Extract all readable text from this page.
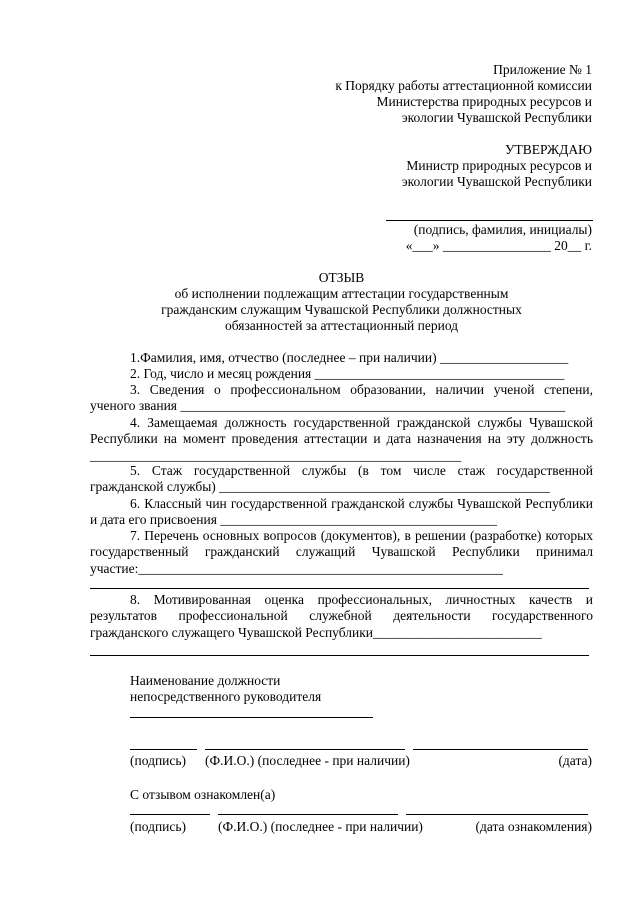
Приложение № 1
к Порядку работы аттестационной комиссии
Министерства природных ресурсов и
экологии Чувашской Республики
УТВЕРЖДАЮ
Министр природных ресурсов и
экологии Чувашской Республики
(подпись, фамилия, инициалы)
«___» ________________ 20__ г.
ОТЗЫВ
об исполнении подлежащим аттестации государственным
гражданским служащим Чувашской Республики должностных
обязанностей за аттестационный период
1.Фамилия, имя, отчество (последнее – при наличии) ___________________
2. Год, число и месяц рождения _____________________________________
3. Сведения о профессиональном образовании, наличии ученой степени, ученого звания _________________________________________________________
4. Замещаемая должность государственной гражданской службы Чувашской Республики на момент проведения аттестации и дата назначения на эту должность _______________________________________________________
5. Стаж государственной службы (в том числе стаж государственной гражданской службы) _________________________________________________
6. Классный чин государственной гражданской службы Чувашской Республики и дата его присвоения _________________________________________
7. Перечень основных вопросов (документов), в решении (разработке) которых государственный гражданский служащий Чувашской Республики принимал участие:______________________________________________________
8. Мотивированная оценка профессиональных, личностных качеств и результатов профессиональной служебной деятельности государственного гражданского служащего Чувашской Республики_________________________
Наименование должности
непосредственного руководителя
(подпись) (Ф.И.О.) (последнее - при наличии)	(дата)
С отзывом ознакомлен(а)
(подпись) (Ф.И.О.) (последнее - при наличии)	(дата ознакомления)
